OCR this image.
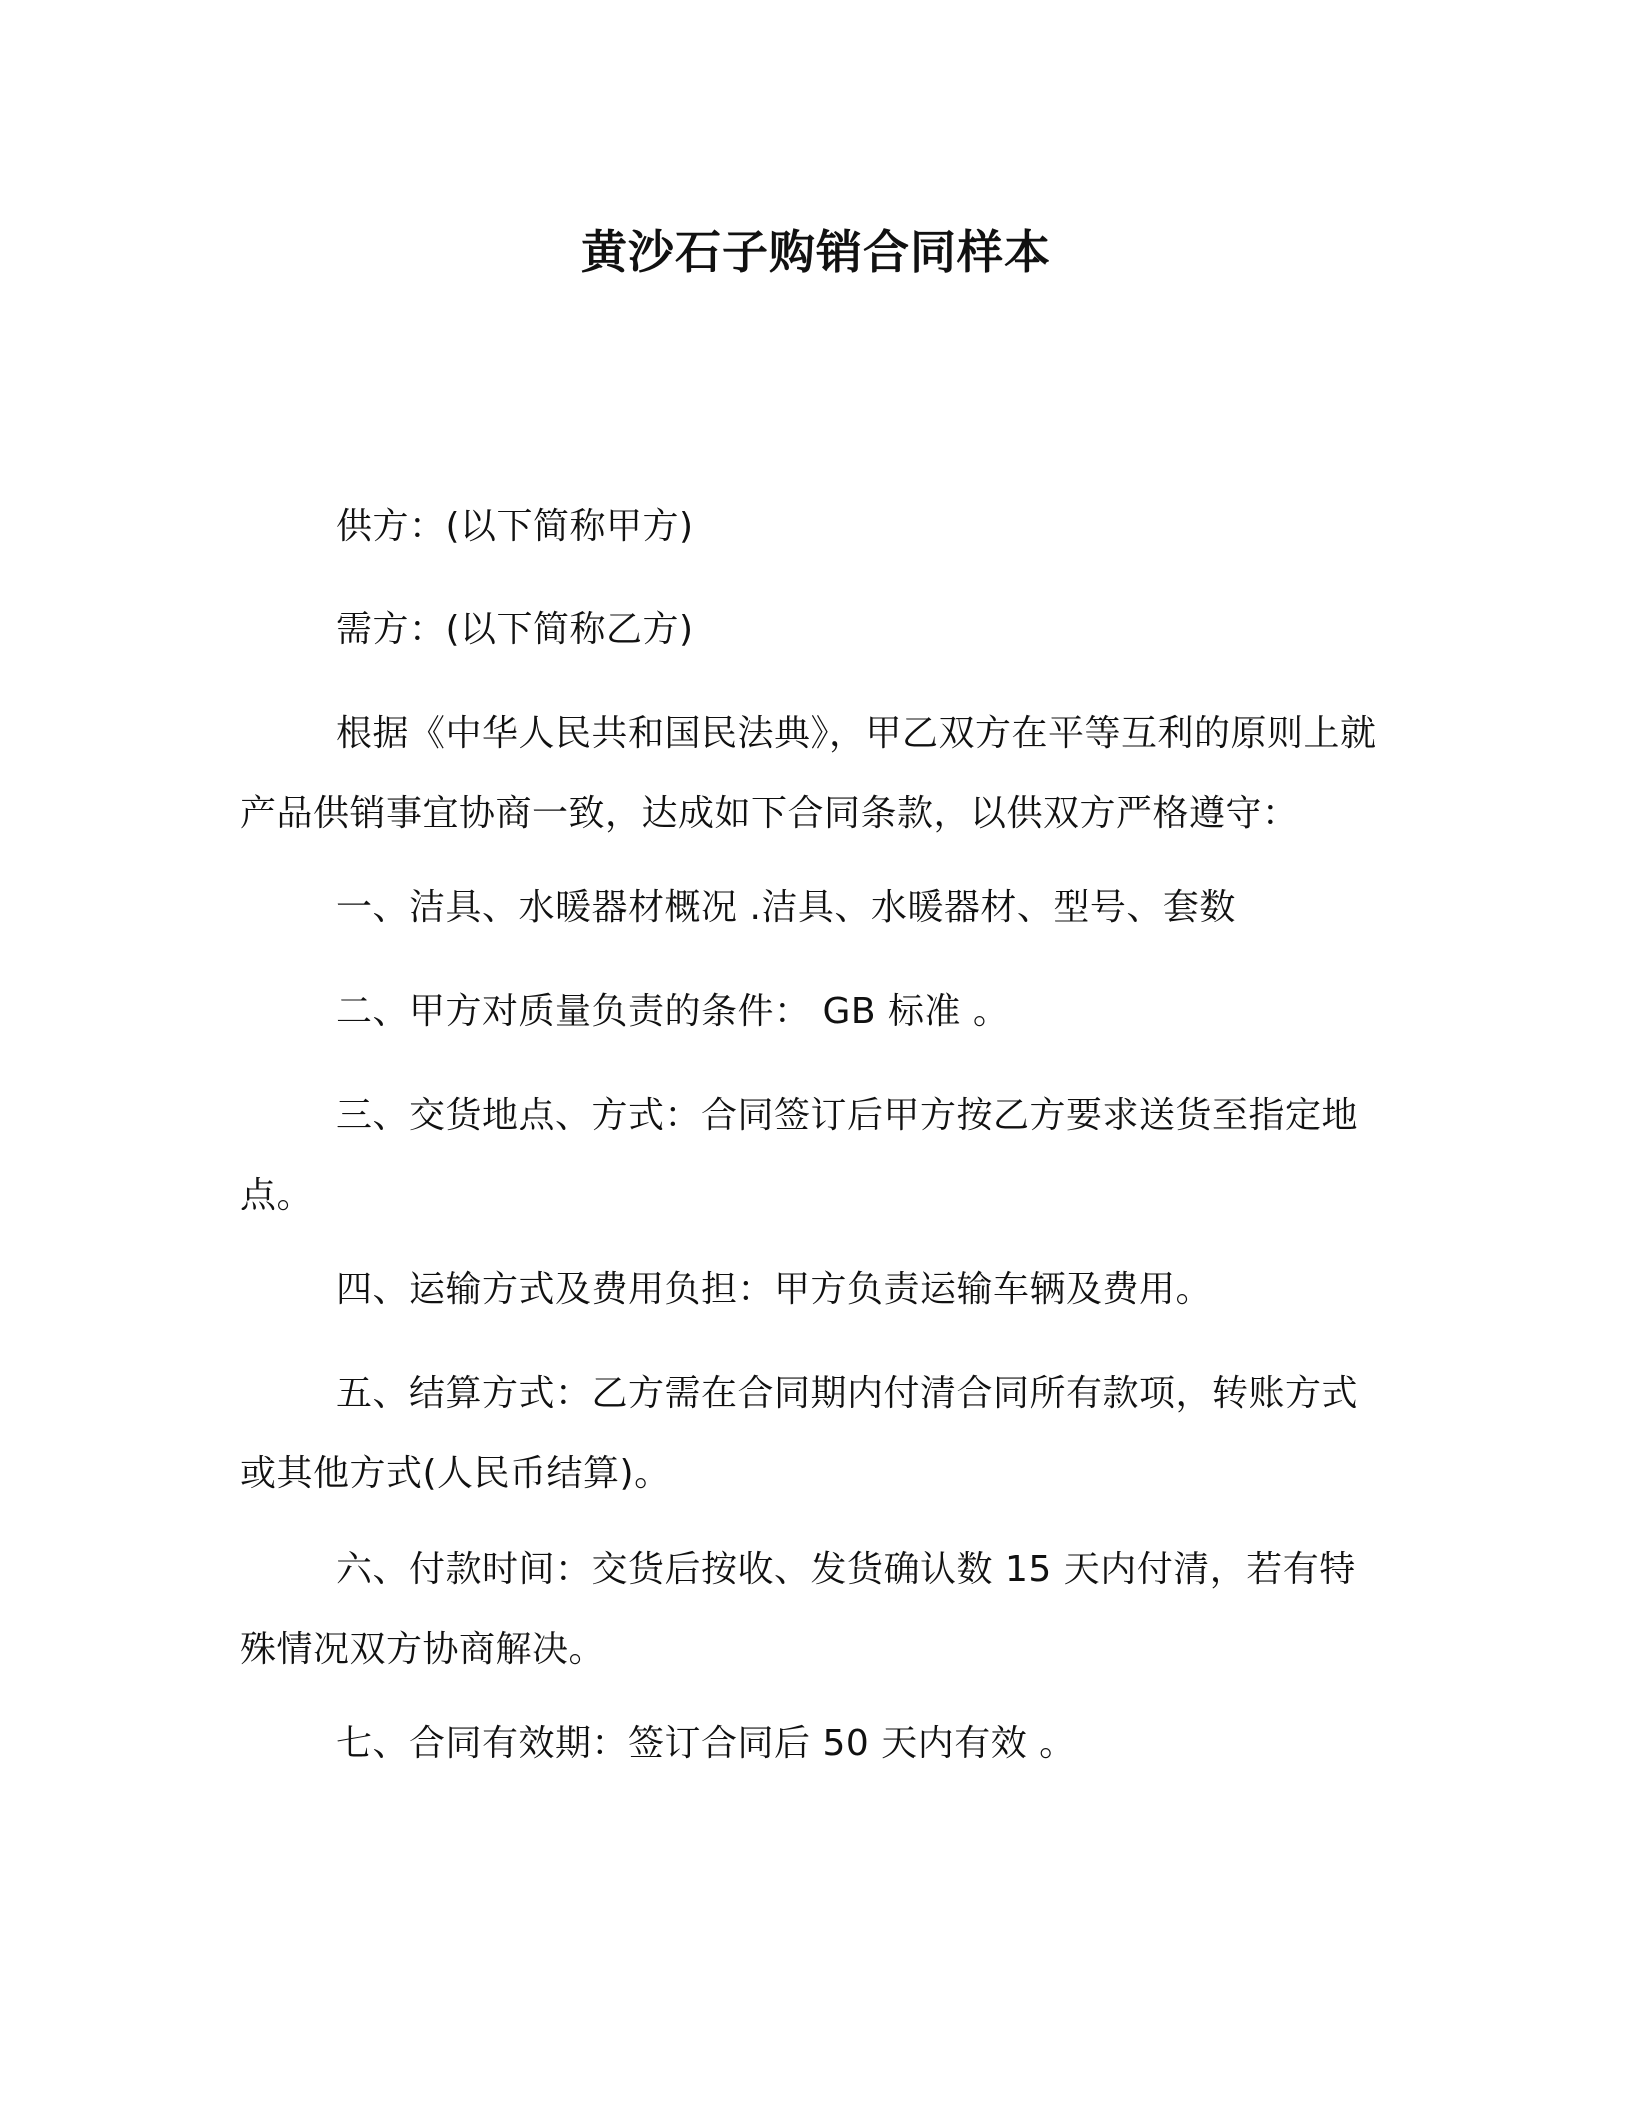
黄沙石子购销合同样本
供方：(以下简称甲方)
需方：(以下简称乙方)
根据《中华人民共和国民法典》，甲乙双方在平等互利的原则上就产品供销事宜协商一致，达成如下合同条款，以供双方严格遵守：
一、洁具、水暖器材概况 .洁具、水暖器材、型号、套数
二、甲方对质量负责的条件： GB 标准 。
三、交货地点、方式：合同签订后甲方按乙方要求送货至指定地点。
四、运输方式及费用负担：甲方负责运输车辆及费用。
五、结算方式：乙方需在合同期内付清合同所有款项，转账方式或其他方式(人民币结算)。
六、付款时间：交货后按收、发货确认数 15 天内付清，若有特殊情况双方协商解决。
七、合同有效期：签订合同后 50 天内有效 。
